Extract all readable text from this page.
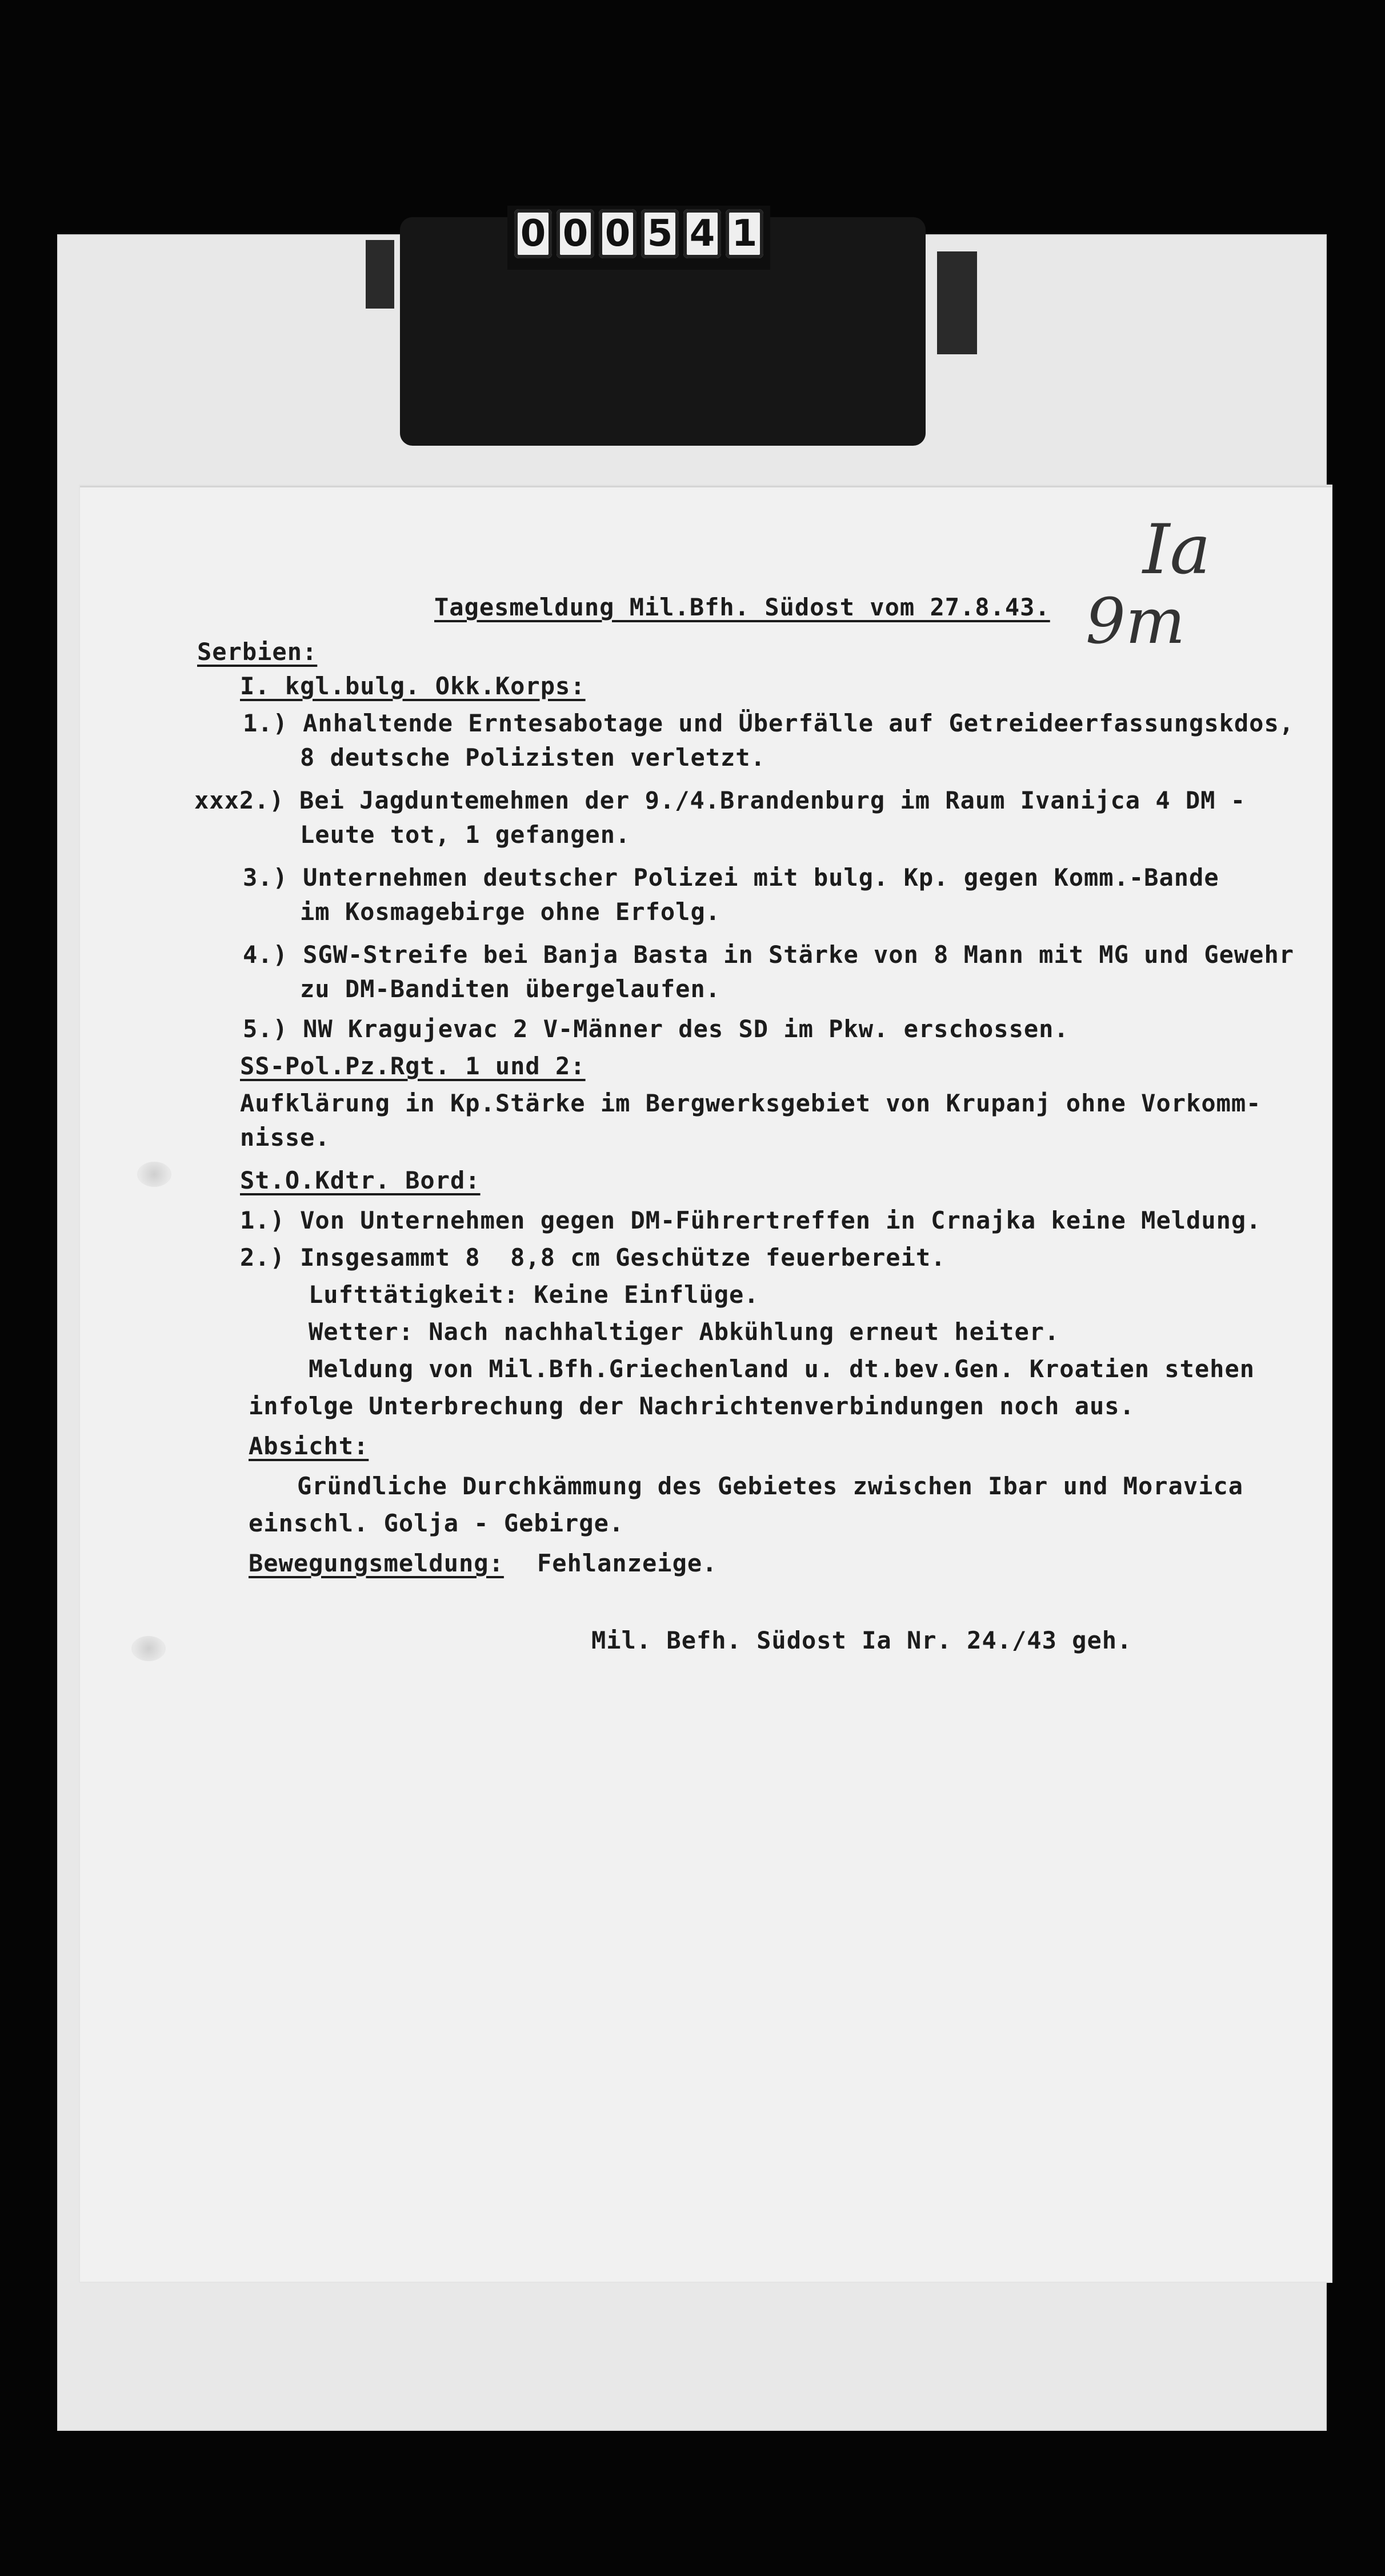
0 0 0 5 4 1
Ia
9m
Tagesmeldung Mil.Bfh. Südost vom 27.8.43.
Serbien:
I. kgl.bulg. Okk.Korps:
1.) Anhaltende Erntesabotage und Überfälle auf Getreideerfassungskdos,
8 deutsche Polizisten verletzt.
xxx2.) Bei Jagduntemehmen der 9./4.Brandenburg im Raum Ivanijca 4 DM -
Leute tot, 1 gefangen.
3.) Unternehmen deutscher Polizei mit bulg. Kp. gegen Komm.-Bande
im Kosmagebirge ohne Erfolg.
4.) SGW-Streife bei Banja Basta in Stärke von 8 Mann mit MG und Gewehr
zu DM-Banditen übergelaufen.
5.) NW Kragujevac 2 V-Männer des SD im Pkw. erschossen.
SS-Pol.Pz.Rgt. 1 und 2:
Aufklärung in Kp.Stärke im Bergwerksgebiet von Krupanj ohne Vorkomm-
nisse.
St.O.Kdtr. Bord:
1.) Von Unternehmen gegen DM-Führertreffen in Crnajka keine Meldung.
2.) Insgesammt 8  8,8 cm Geschütze feuerbereit.
Lufttätigkeit: Keine Einflüge.
Wetter: Nach nachhaltiger Abkühlung erneut heiter.
Meldung von Mil.Bfh.Griechenland u. dt.bev.Gen. Kroatien stehen
infolge Unterbrechung der Nachrichtenverbindungen noch aus.
Absicht:
Gründliche Durchkämmung des Gebietes zwischen Ibar und Moravica
einschl. Golja - Gebirge.
Bewegungsmeldung: Fehlanzeige.
Mil. Befh. Südost Ia Nr. 24./43 geh.
